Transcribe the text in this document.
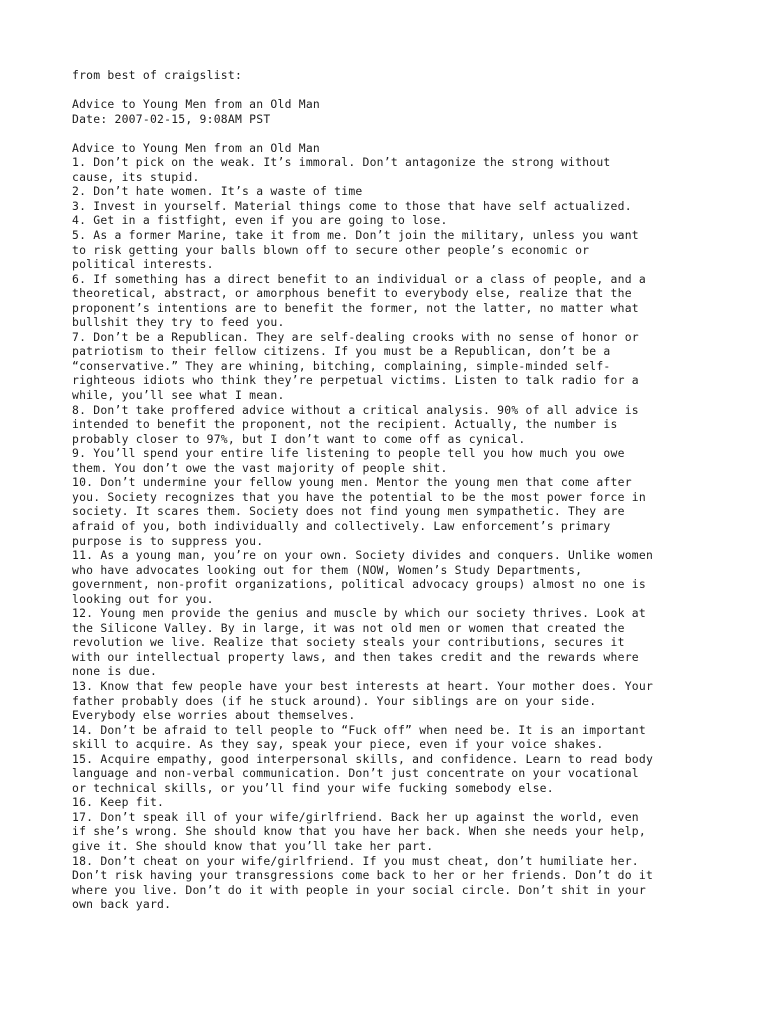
from best of craigslist:
Advice to Young Men from an Old Man
Date: 2007-02-15, 9:08AM PST
Advice to Young Men from an Old Man
1. Don’t pick on the weak. It’s immoral. Don’t antagonize the strong without
cause, its stupid.
2. Don’t hate women. It’s a waste of time
3. Invest in yourself. Material things come to those that have self actualized.
4. Get in a fistfight, even if you are going to lose.
5. As a former Marine, take it from me. Don’t join the military, unless you want
to risk getting your balls blown off to secure other people’s economic or
political interests.
6. If something has a direct benefit to an individual or a class of people, and a
theoretical, abstract, or amorphous benefit to everybody else, realize that the
proponent’s intentions are to benefit the former, not the latter, no matter what
bullshit they try to feed you.
7. Don’t be a Republican. They are self-dealing crooks with no sense of honor or
patriotism to their fellow citizens. If you must be a Republican, don’t be a
“conservative.” They are whining, bitching, complaining, simple-minded self-
righteous idiots who think they’re perpetual victims. Listen to talk radio for a
while, you’ll see what I mean.
8. Don’t take proffered advice without a critical analysis. 90% of all advice is
intended to benefit the proponent, not the recipient. Actually, the number is
probably closer to 97%, but I don’t want to come off as cynical.
9. You’ll spend your entire life listening to people tell you how much you owe
them. You don’t owe the vast majority of people shit.
10. Don’t undermine your fellow young men. Mentor the young men that come after
you. Society recognizes that you have the potential to be the most power force in
society. It scares them. Society does not find young men sympathetic. They are
afraid of you, both individually and collectively. Law enforcement’s primary
purpose is to suppress you.
11. As a young man, you’re on your own. Society divides and conquers. Unlike women
who have advocates looking out for them (NOW, Women’s Study Departments,
government, non-profit organizations, political advocacy groups) almost no one is
looking out for you.
12. Young men provide the genius and muscle by which our society thrives. Look at
the Silicone Valley. By in large, it was not old men or women that created the
revolution we live. Realize that society steals your contributions, secures it
with our intellectual property laws, and then takes credit and the rewards where
none is due.
13. Know that few people have your best interests at heart. Your mother does. Your
father probably does (if he stuck around). Your siblings are on your side.
Everybody else worries about themselves.
14. Don’t be afraid to tell people to “Fuck off” when need be. It is an important
skill to acquire. As they say, speak your piece, even if your voice shakes.
15. Acquire empathy, good interpersonal skills, and confidence. Learn to read body
language and non-verbal communication. Don’t just concentrate on your vocational
or technical skills, or you’ll find your wife fucking somebody else.
16. Keep fit.
17. Don’t speak ill of your wife/girlfriend. Back her up against the world, even
if she’s wrong. She should know that you have her back. When she needs your help,
give it. She should know that you’ll take her part.
18. Don’t cheat on your wife/girlfriend. If you must cheat, don’t humiliate her.
Don’t risk having your transgressions come back to her or her friends. Don’t do it
where you live. Don’t do it with people in your social circle. Don’t shit in your
own back yard.
